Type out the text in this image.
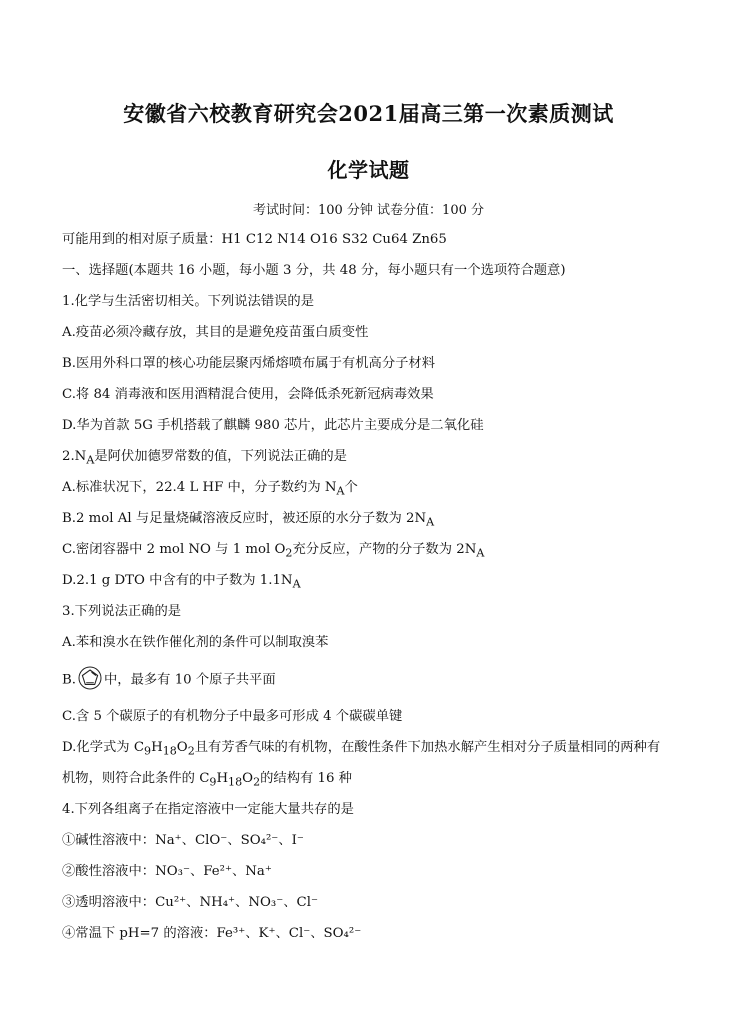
安徽省六校教育研究会2021届高三第一次素质测试
化学试题
考试时间：100 分钟 试卷分值：100 分
可能用到的相对原子质量：H1 C12 N14 O16 S32 Cu64 Zn65
一、选择题(本题共 16 小题，每小题 3 分，共 48 分，每小题只有一个选项符合题意)
1.化学与生活密切相关。下列说法错误的是
A.疫苗必须冷藏存放，其目的是避免疫苗蛋白质变性
B.医用外科口罩的核心功能层聚丙烯熔喷布属于有机高分子材料
C.将 84 消毒液和医用酒精混合使用，会降低杀死新冠病毒效果
D.华为首款 5G 手机搭载了麒麟 980 芯片，此芯片主要成分是二氧化硅
$2.N_A$是阿伏加德罗常数的值，下列说法正确的是
A.标准状况下，22.4 L HF 中，分子数约为 $N_A$个
B.2 mol Al 与足量烧碱溶液反应时，被还原的水分子数为 $2N_A$
C.密闭容器中 2 mol NO 与 1 mol $O_2$充分反应，产物的分子数为 $2N_A$
D.2.1 g DTO 中含有的中子数为 $1.1N_A$
3.下列说法正确的是
A.苯和溴水在铁作催化剂的条件可以制取溴苯
B. 中，最多有 10 个原子共平面
C.含 5 个碳原子的有机物分子中最多可形成 4 个碳碳单键
D.化学式为 $C_9H_{18}O_2$且有芳香气味的有机物，在酸性条件下加热水解产生相对分子质量相同的两种有
机物，则符合此条件的 $C_9H_{18}O_2$的结构有 16 种
4.下列各组离子在指定溶液中一定能大量共存的是
①碱性溶液中：Na⁺、ClO⁻、SO₄²⁻、I⁻
②酸性溶液中：NO₃⁻、Fe²⁺、Na⁺
③透明溶液中：Cu²⁺、NH₄⁺、NO₃⁻、Cl⁻
④常温下 pH=7 的溶液：Fe³⁺、K⁺、Cl⁻、SO₄²⁻
